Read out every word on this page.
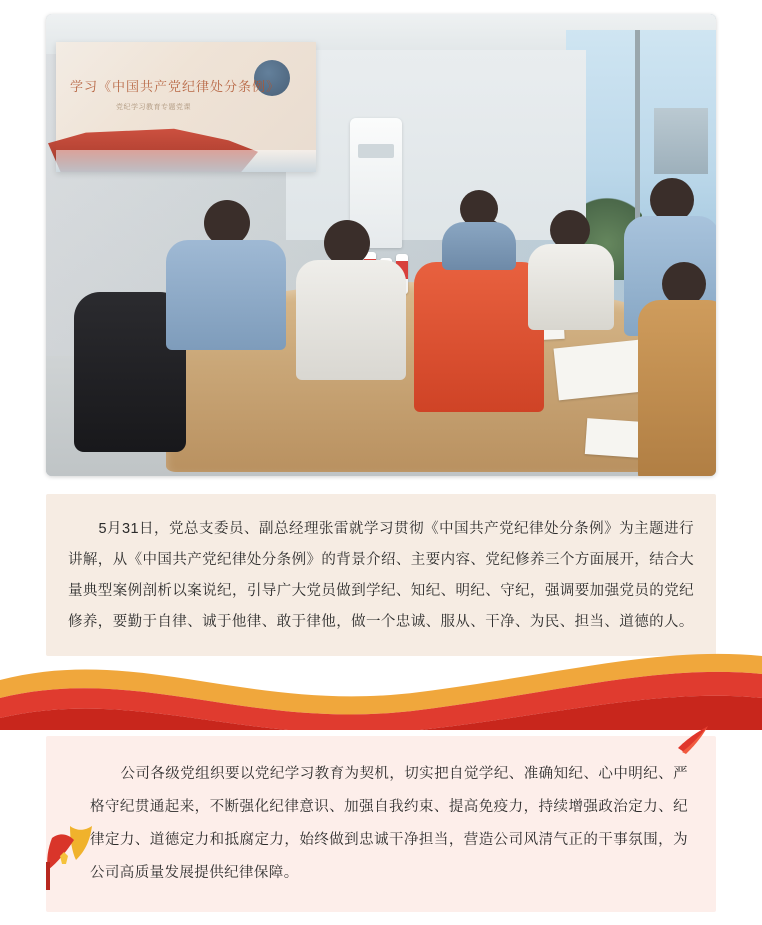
学习《中国共产党纪律处分条例》
党纪学习教育专题党课
5月31日，党总支委员、副总经理张雷就学习贯彻《中国共产党纪律处分条例》为主题进行讲解，从《中国共产党纪律处分条例》的背景介绍、主要内容、党纪修养三个方面展开，结合大量典型案例剖析以案说纪，引导广大党员做到学纪、知纪、明纪、守纪，强调要加强党员的党纪修养，要勤于自律、诚于他律、敢于律他，做一个忠诚、服从、干净、为民、担当、道德的人。
公司各级党组织要以党纪学习教育为契机，切实把自觉学纪、准确知纪、心中明纪、严格守纪贯通起来，不断强化纪律意识、加强自我约束、提高免疫力，持续增强政治定力、纪律定力、道德定力和抵腐定力，始终做到忠诚干净担当，营造公司风清气正的干事氛围，为公司高质量发展提供纪律保障。
